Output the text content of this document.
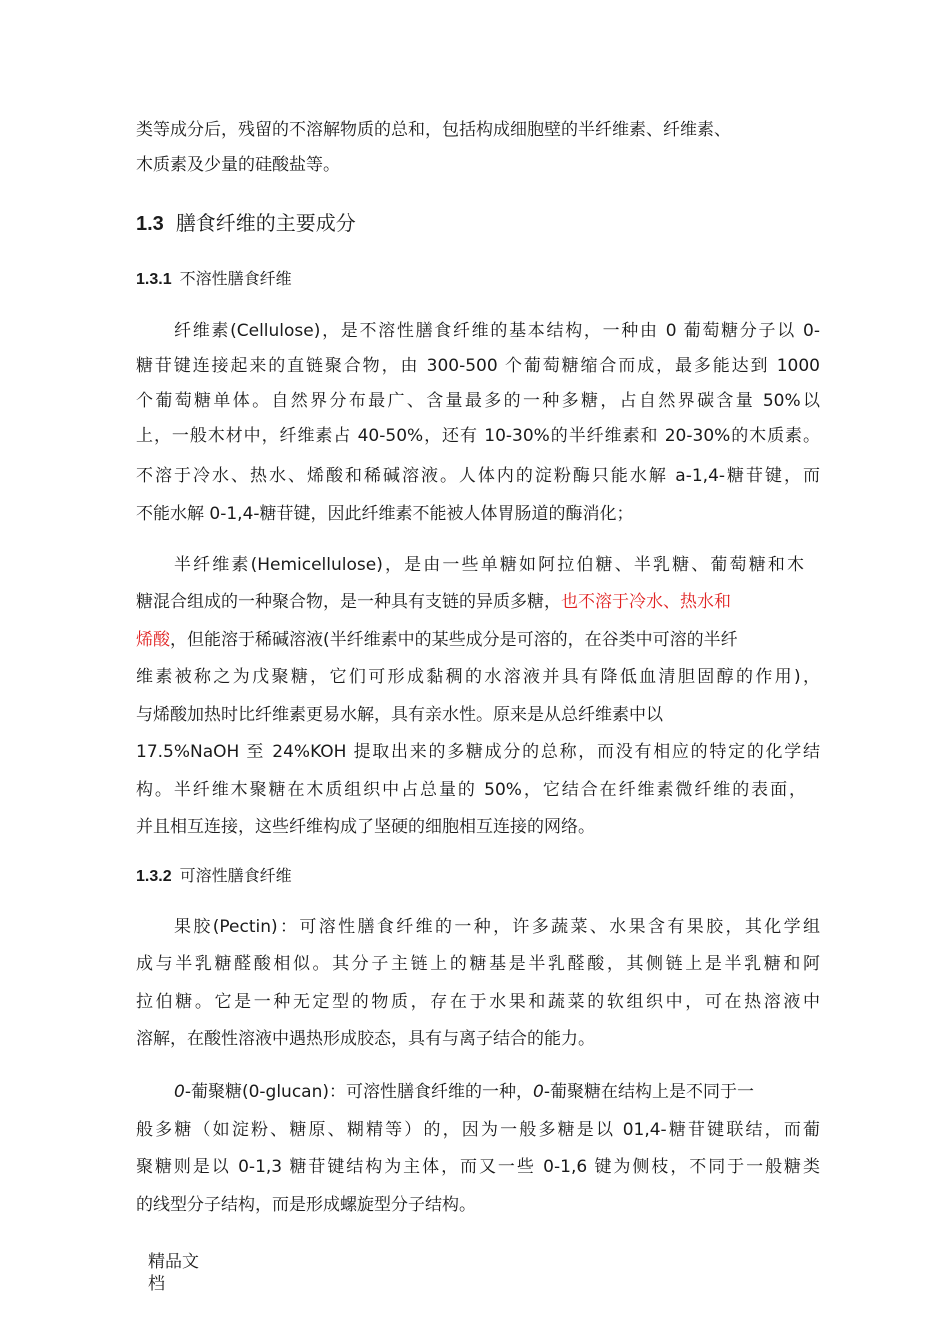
类等成分后，残留的不溶解物质的总和，包括构成细胞壁的半纤维素、纤维素、
木质素及少量的硅酸盐等。
1.3 膳食纤维的主要成分
1.3.1 不溶性膳食纤维
纤维素(Cellulose)，是不溶性膳食纤维的基本结构，一种由 0 葡萄糖分子以 0-
糖苷键连接起来的直链聚合物，由 300-500 个葡萄糖缩合而成，最多能达到 1000
个葡萄糖单体。自然界分布最广、含量最多的一种多糖，占自然界碳含量 50%以
上，一般木材中，纤维素占 40-50%，还有 10-30%的半纤维素和 20-30%的木质素。
不溶于冷水、热水、烯酸和稀碱溶液。人体内的淀粉酶只能水解 a-1,4-糖苷键，而
不能水解 0-1,4-糖苷键，因此纤维素不能被人体胃肠道的酶消化；
半纤维素(Hemicellulose)，是由一些单糖如阿拉伯糖、半乳糖、葡萄糖和木
糖混合组成的一种聚合物，是一种具有支链的异质多糖，也不溶于冷水、热水和
烯酸，但能溶于稀碱溶液(半纤维素中的某些成分是可溶的，在谷类中可溶的半纤
维素被称之为戊聚糖，它们可形成黏稠的水溶液并具有降低血清胆固醇的作用)，
与烯酸加热时比纤维素更易水解，具有亲水性。原来是从总纤维素中以
17.5%NaOH 至 24%KOH 提取出来的多糖成分的总称，而没有相应的特定的化学结
构。半纤维木聚糖在木质组织中占总量的 50%，它结合在纤维素微纤维的表面，
并且相互连接，这些纤维构成了坚硬的细胞相互连接的网络。
1.3.2 可溶性膳食纤维
果胶(Pectin)：可溶性膳食纤维的一种，许多蔬菜、水果含有果胶，其化学组
成与半乳糖醛酸相似。其分子主链上的糖基是半乳醛酸，其侧链上是半乳糖和阿
拉伯糖。它是一种无定型的物质，存在于水果和蔬菜的软组织中，可在热溶液中
溶解，在酸性溶液中遇热形成胶态，具有与离子结合的能力。
0-葡聚糖(0-glucan)：可溶性膳食纤维的一种，0-葡聚糖在结构上是不同于一
般多糖（如淀粉、糖原、糊精等）的，因为一般多糖是以 01,4-糖苷键联结，而葡
聚糖则是以 0-1,3 糖苷键结构为主体，而又一些 0-1,6 键为侧枝，不同于一般糖类
的线型分子结构，而是形成螺旋型分子结构。
精品文
档
